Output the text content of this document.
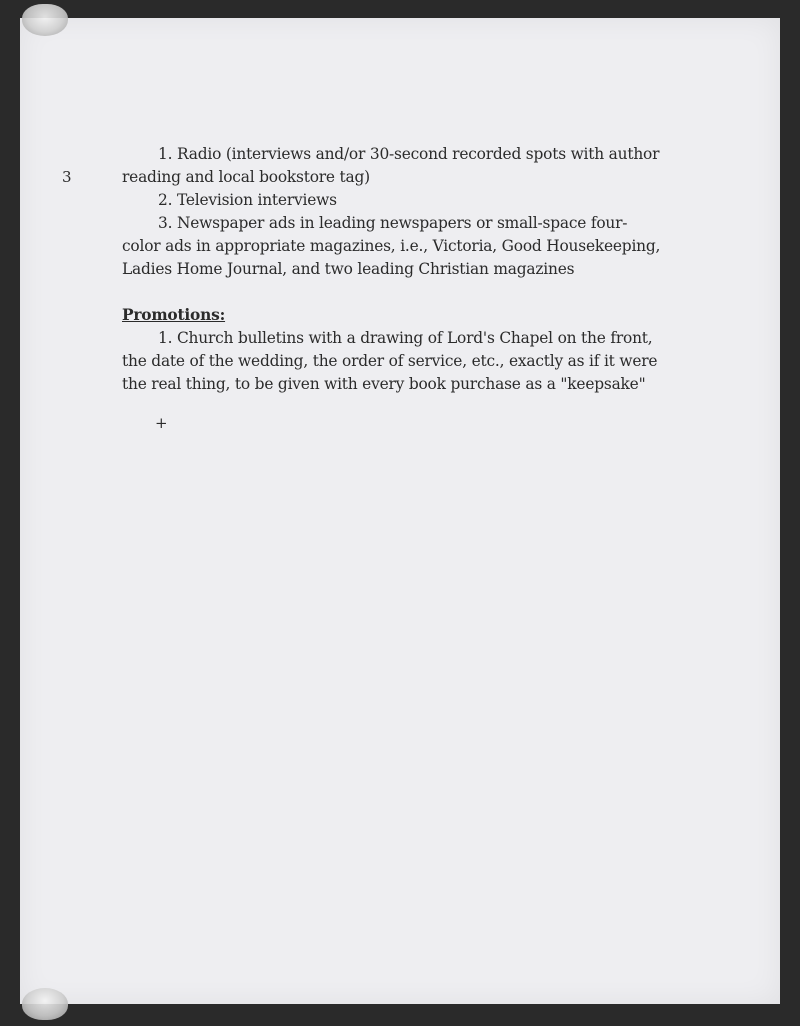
3

1. Radio (interviews and/or 30-second recorded spots with author reading and local bookstore tag)

2. Television interviews

3. Newspaper ads in leading newspapers or small-space four-color ads in appropriate magazines, i.e., Victoria, Good Housekeeping, Ladies Home Journal, and two leading Christian magazines

Promotions:

1. Church bulletins with a drawing of Lord's Chapel on the front, the date of the wedding, the order of service, etc., exactly as if it were the real thing, to be given with every book purchase as a "keepsake"

+
